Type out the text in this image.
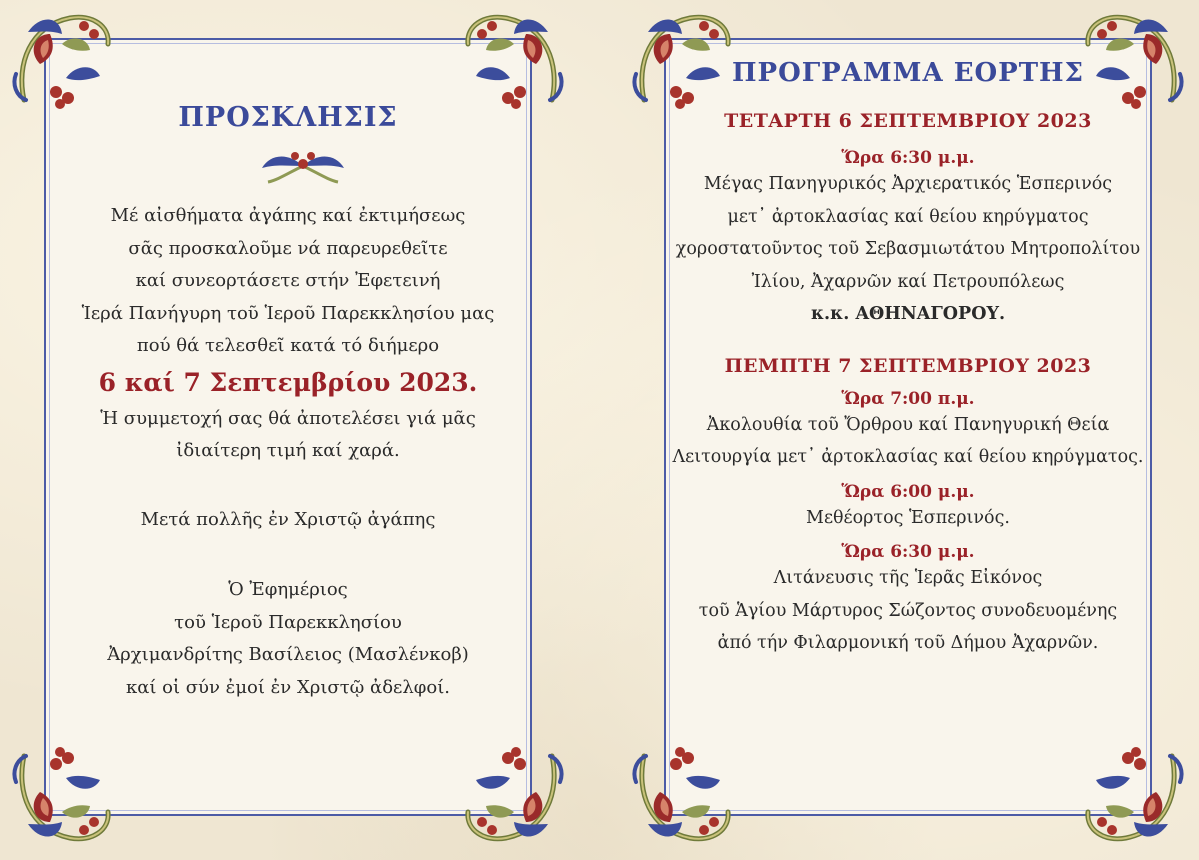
ΠΡΟΣΚΛΗΣΙΣ
Μέ αἰσθήματα ἀγάπης καί ἐκτιμήσεως
σᾶς προσκαλοῦμε νά παρευρεθεῖτε
καί συνεορτάσετε στήν Ἐφετεινή
Ἱερά Πανήγυρη τοῦ Ἱεροῦ Παρεκκλησίου μας
πού θά τελεσθεῖ κατά τό διήμερο
6 καί 7 Σεπτεμβρίου 2023.
Ἡ συμμετοχή σας θά ἀποτελέσει γιά μᾶς
ἰδιαίτερη τιμή καί χαρά.
Μετά πολλῆς ἐν Χριστῷ ἀγάπης
Ὁ Ἐφημέριος
τοῦ Ἱεροῦ Παρεκκλησίου
Ἀρχιμανδρίτης Βασίλειος (Μασλένκοβ)
καί οἱ σύν ἐμοί ἐν Χριστῷ ἀδελφοί.
ΠΡΟΓΡΑΜΜΑ ΕΟΡΤΗΣ
ΤΕΤΑΡΤΗ 6 ΣΕΠΤΕΜΒΡΙΟΥ 2023
Ὥρα 6:30 μ.μ.
Μέγας Πανηγυρικός Ἀρχιερατικός Ἑσπερινός
μετ᾽ ἀρτοκλασίας καί θείου κηρύγματος
χοροστατοῦντος τοῦ Σεβασμιωτάτου Μητροπολίτου
Ἰλίου, Ἀχαρνῶν καί Πετρουπόλεως
κ.κ. ΑΘΗΝΑΓΟΡΟΥ.
ΠΕΜΠΤΗ 7 ΣΕΠΤΕΜΒΡΙΟΥ 2023
Ὥρα 7:00 π.μ.
Ἀκολουθία τοῦ Ὄρθρου καί Πανηγυρική Θεία
Λειτουργία μετ᾽ ἀρτοκλασίας καί θείου κηρύγματος.
Ὥρα 6:00 μ.μ.
Μεθέορτος Ἑσπερινός.
Ὥρα 6:30 μ.μ.
Λιτάνευσις τῆς Ἱερᾶς Εἰκόνος
τοῦ Ἁγίου Μάρτυρος Σώζοντος συνοδευομένης
ἀπό τήν Φιλαρμονική τοῦ Δήμου Ἀχαρνῶν.
